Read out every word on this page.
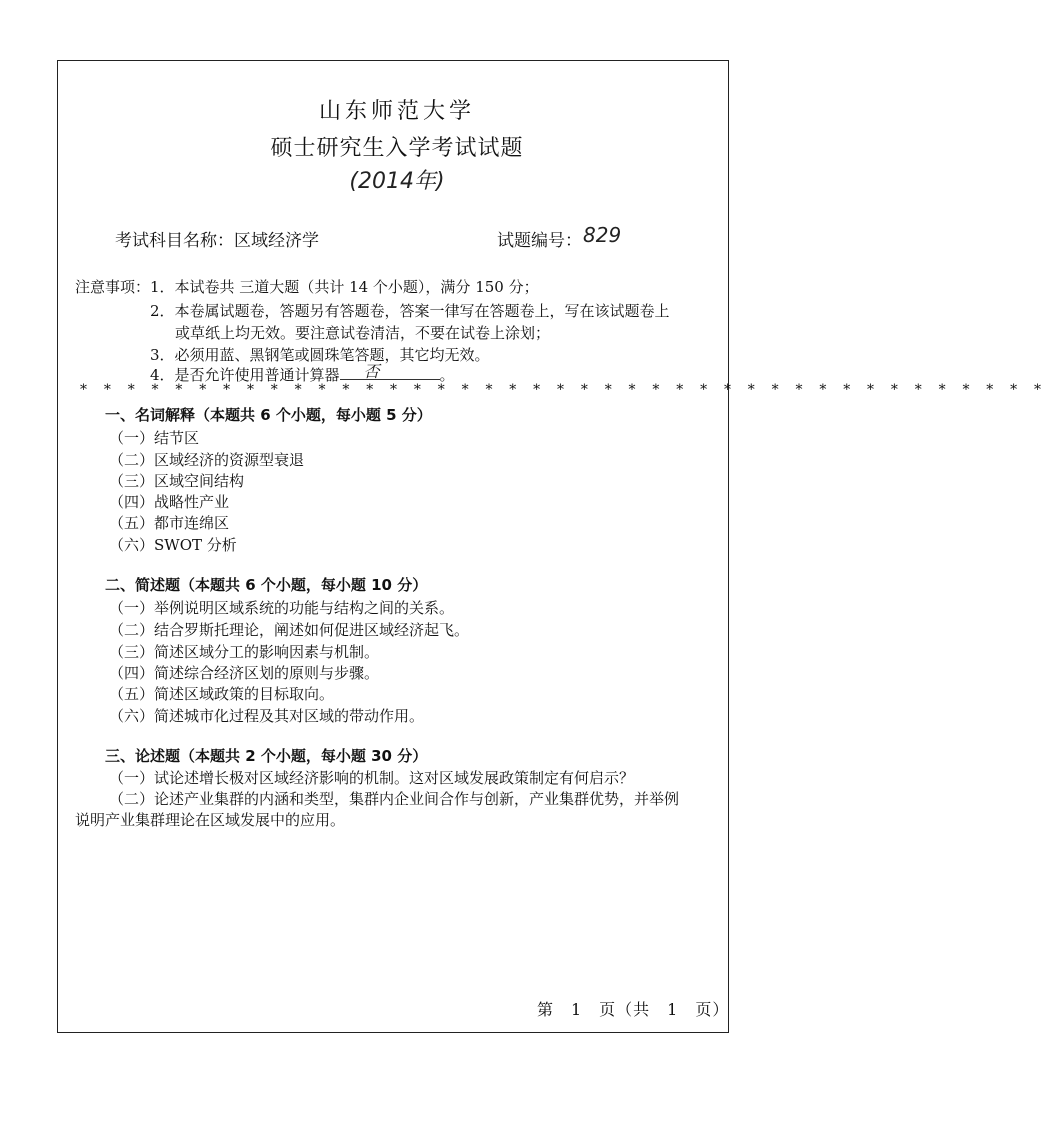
山东师范大学
硕士研究生入学考试试题
(2014年)
考试科目名称：区域经济学	试题编号： 829
注意事项： 1．本试卷共 三道大题（共计 14 个小题），满分 150 分；
2．本卷属试题卷，答题另有答题卷，答案一律写在答题卷上，写在该试题卷上
或草纸上均无效。要注意试卷清洁，不要在试卷上涂划；
3．必须用蓝、黑钢笔或圆珠笔答题，其它均无效。
4．是否允许使用普通计算器 否	。
* * * * * * * * * * * * * * * * * * * * * * * * * * * * * * * * * * * * * * * * *
一、名词解释（本题共 6 个小题，每小题 5 分）
（一）结节区
（二）区域经济的资源型衰退
（三）区域空间结构
（四）战略性产业
（五）都市连绵区
（六）SWOT 分析
二、简述题（本题共 6 个小题，每小题 10 分）
（一）举例说明区域系统的功能与结构之间的关系。
（二）结合罗斯托理论，阐述如何促进区域经济起飞。
（三）简述区域分工的影响因素与机制。
（四）简述综合经济区划的原则与步骤。
（五）简述区域政策的目标取向。
（六）简述城市化过程及其对区域的带动作用。
三、论述题（本题共 2 个小题，每小题 30 分）
（一）试论述增长极对区域经济影响的机制。这对区域发展政策制定有何启示？
（二）论述产业集群的内涵和类型，集群内企业间合作与创新，产业集群优势，并举例
说明产业集群理论在区域发展中的应用。
第　1　页（共　1　页）
